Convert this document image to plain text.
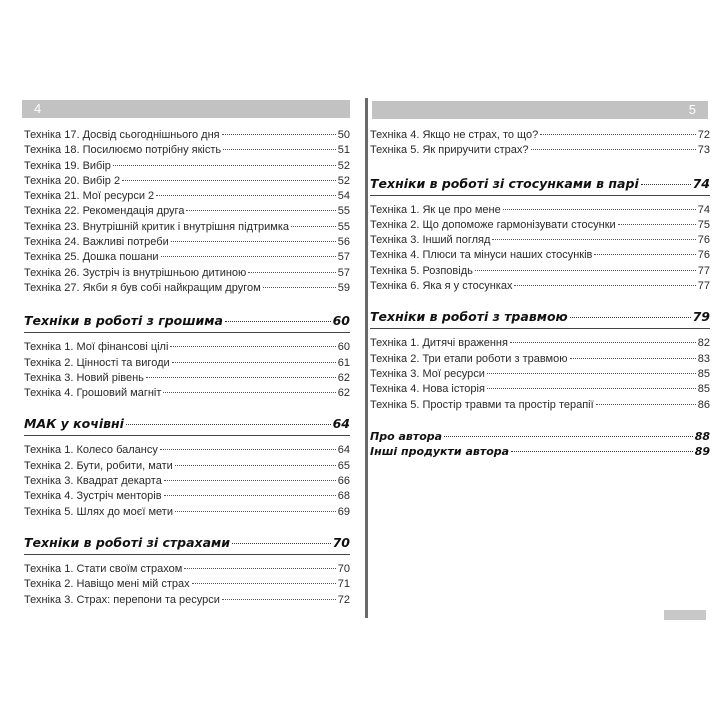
4	5
Техніка 17. Досвід сьогоднішнього дня	50
Техніка 18. Посилюємо потрібну якість	51
Техніка 19. Вибір	52
Техніка 20. Вибір 2	52
Техніка 21. Мої ресурси 2	54
Техніка 22. Рекомендація друга	55
Техніка 23. Внутрішній критик і внутрішня підтримка	55
Техніка 24. Важливі потреби	56
Техніка 25. Дошка пошани	57
Техніка 26. Зустріч із внутрішньою дитиною	57
Техніка 27. Якби я був собі найкращим другом	59
Техніки в роботі з грошима	60
Техніка 1. Мої фінансові цілі	60
Техніка 2. Цінності та вигоди	61
Техніка 3. Новий рівень	62
Техніка 4. Грошовий магніт	62
МАК у кочівні	64
Техніка 1. Колесо балансу	64
Техніка 2. Бути, робити, мати	65
Техніка 3. Квадрат декарта	66
Техніка 4. Зустріч менторів	68
Техніка 5. Шлях до моєї мети	69
Техніки в роботі зі страхами	70
Техніка 1. Стати своїм страхом	70
Техніка 2. Навіщо мені мій страх	71
Техніка 3. Страх: перепони та ресурси	72
Техніка 4. Якщо не страх, то що?	72
Техніка 5. Як приручити страх?	73
Техніки в роботі зі стосунками в парі	74
Техніка 1. Як це про мене	74
Техніка 2. Що допоможе гармонізувати стосунки	75
Техніка 3. Інший погляд	76
Техніка 4. Плюси та мінуси наших стосунків	76
Техніка 5. Розповідь	77
Техніка 6. Яка я у стосунках	77
Техніки в роботі з травмою	79
Техніка 1. Дитячі враження	82
Техніка 2. Три етапи роботи з травмою	83
Техніка 3. Мої ресурси	85
Техніка 4. Нова історія	85
Техніка 5. Простір травми та простір терапії	86
Про автора	88
Інші продукти автора	89
